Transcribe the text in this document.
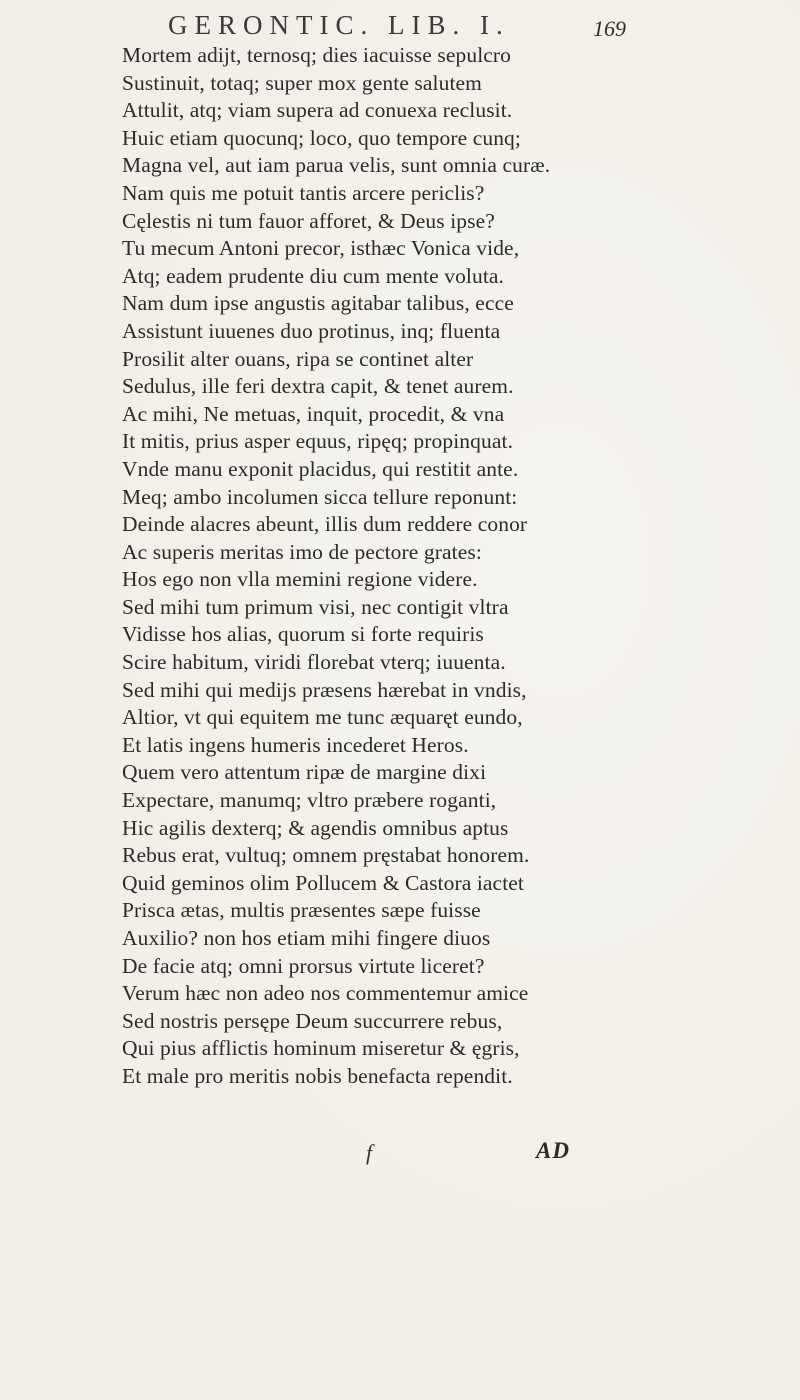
GERONTIC. LIB. I.	169
Mortem adijt, ternosq; dies iacuisse sepulcro
Sustinuit, totaq; super mox gente salutem
Attulit, atq; viam supera ad conuexa reclusit.
Huic etiam quocunq; loco, quo tempore cunq;
Magna vel, aut iam parua velis, sunt omnia curæ.
Nam quis me potuit tantis arcere periclis?
Cęlestis ni tum fauor afforet, & Deus ipse?
Tu mecum Antoni precor, isthæc Vonica vide,
Atq; eadem prudente diu cum mente voluta.
Nam dum ipse angustis agitabar talibus, ecce
Assistunt iuuenes duo protinus, inq; fluenta
Prosilit alter ouans, ripa se continet alter
Sedulus, ille feri dextra capit, & tenet aurem.
Ac mihi, Ne metuas, inquit, procedit, & vna
It mitis, prius asper equus, ripęq; propinquat.
Vnde manu exponit placidus, qui restitit ante.
Meq; ambo incolumen sicca tellure reponunt:
Deinde alacres abeunt, illis dum reddere conor
Ac superis meritas imo de pectore grates:
Hos ego non vlla memini regione videre.
Sed mihi tum primum visi, nec contigit vltra
Vidisse hos alias, quorum si forte requiris
Scire habitum, viridi florebat vterq; iuuenta.
Sed mihi qui medijs præsens hærebat in vndis,
Altior, vt qui equitem me tunc æquaręt eundo,
Et latis ingens humeris incederet Heros.
Quem vero attentum ripæ de margine dixi
Expectare, manumq; vltro præbere roganti,
Hic agilis dexterq; & agendis omnibus aptus
Rebus erat, vultuq; omnem pręstabat honorem.
Quid geminos olim Pollucem & Castora iactet
Prisca ætas, multis præsentes sæpe fuisse
Auxilio? non hos etiam mihi fingere diuos
De facie atq; omni prorsus virtute liceret?
Verum hæc non adeo nos commentemur amice
Sed nostris persępe Deum succurrere rebus,
Qui pius afflictis hominum miseretur & ęgris,
Et male pro meritis nobis benefacta rependit.
f	AD
